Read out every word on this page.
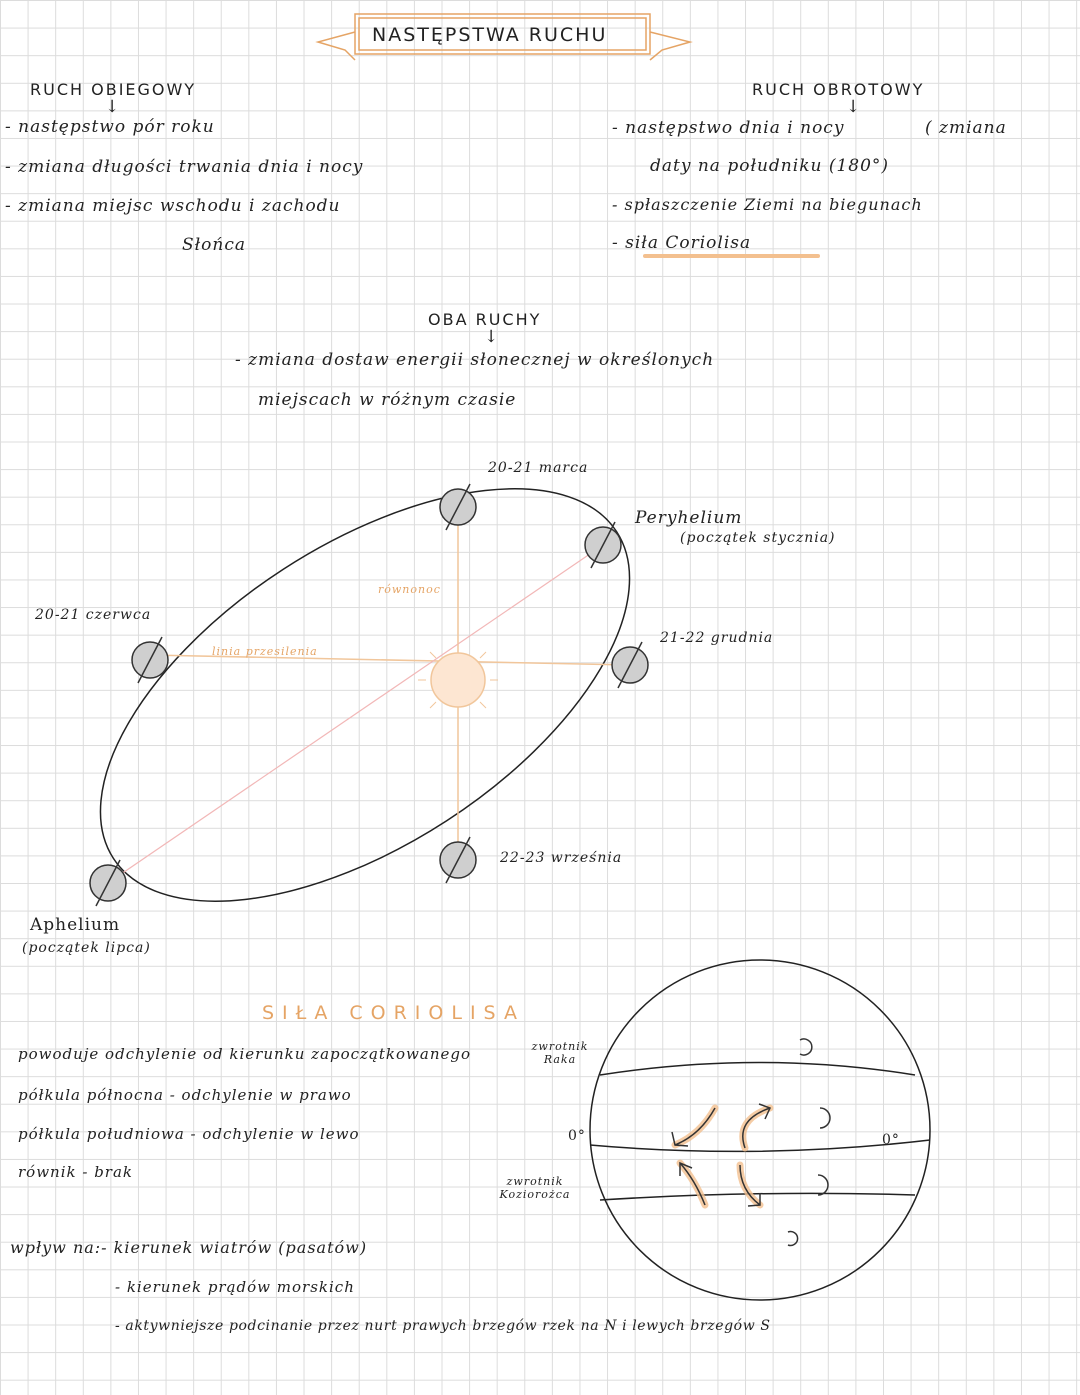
NASTĘPSTWA RUCHU
RUCH OBIEGOWY
↓
- następstwo pór roku
- zmiana długości trwania dnia i nocy
- zmiana miejsc wschodu i zachodu
Słońca
RUCH OBROTOWY
↓
- następstwo dnia i nocy	( zmiana
daty na południku (180°)
- spłaszczenie Ziemi na biegunach
- siła Coriolisa
OBA RUCHY
↓
- zmiana dostaw energii słonecznej w określonych
miejscach w różnym czasie
20-21 marca
Peryhelium
(początek stycznia)
20-21 czerwca
21-22 grudnia
22-23 września
Aphelium
(początek lipca)
równonoc
linia przesilenia
SIŁA CORIOLISA
powoduje odchylenie od kierunku zapoczątkowanego
półkula północna - odchylenie w prawo
półkula południowa - odchylenie w lewo
równik - brak
zwrotnik Raka
zwrotnik Koziorożca
0°	0°
wpływ na:- kierunek wiatrów (pasatów)
- kierunek prądów morskich
- aktywniejsze podcinanie przez nurt prawych brzegów rzek na N i lewych brzegów S
